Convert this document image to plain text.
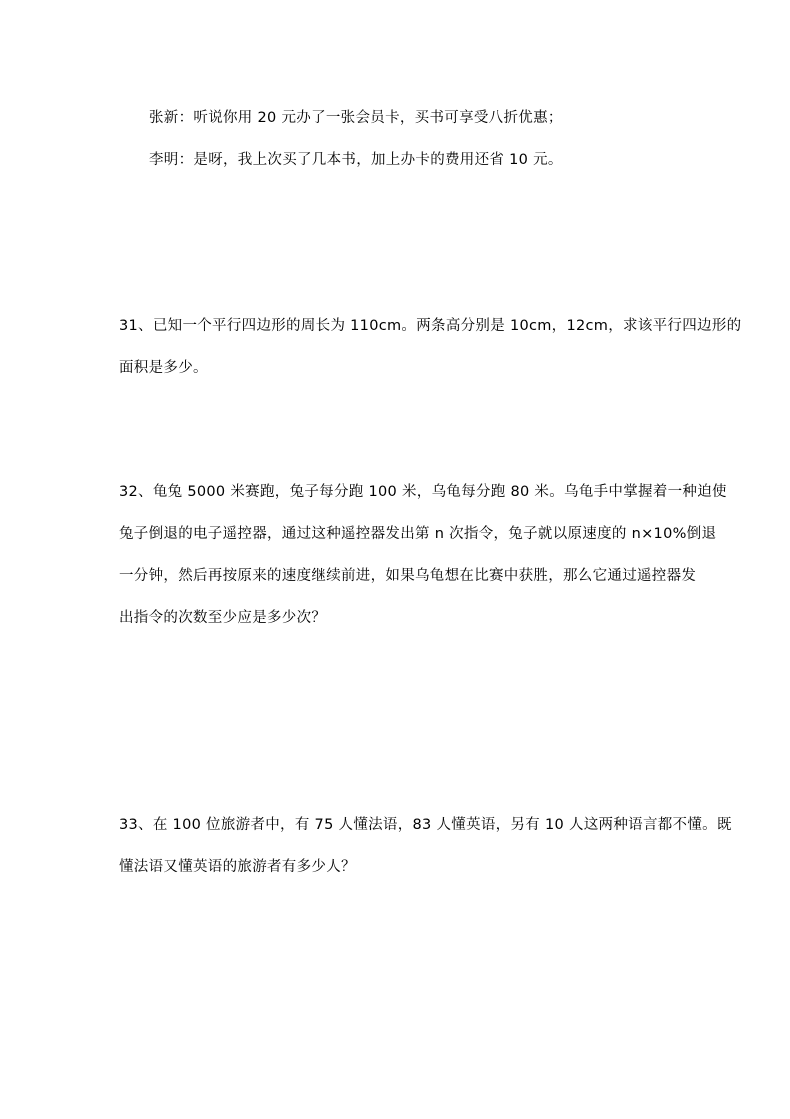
张新：听说你用 20 元办了一张会员卡，买书可享受八折优惠；
李明：是呀，我上次买了几本书，加上办卡的费用还省 10 元。
31、已知一个平行四边形的周长为 110cm。两条高分别是 10cm，12cm，求该平行四边形的
面积是多少。
32、龟兔 5000 米赛跑，兔子每分跑 100 米，乌龟每分跑 80 米。乌龟手中掌握着一种迫使
兔子倒退的电子遥控器，通过这种遥控器发出第 n 次指令，兔子就以原速度的 n×10%倒退
一分钟，然后再按原来的速度继续前进，如果乌龟想在比赛中获胜，那么它通过遥控器发
出指令的次数至少应是多少次？
33、在 100 位旅游者中，有 75 人懂法语，83 人懂英语，另有 10 人这两种语言都不懂。既
懂法语又懂英语的旅游者有多少人？
